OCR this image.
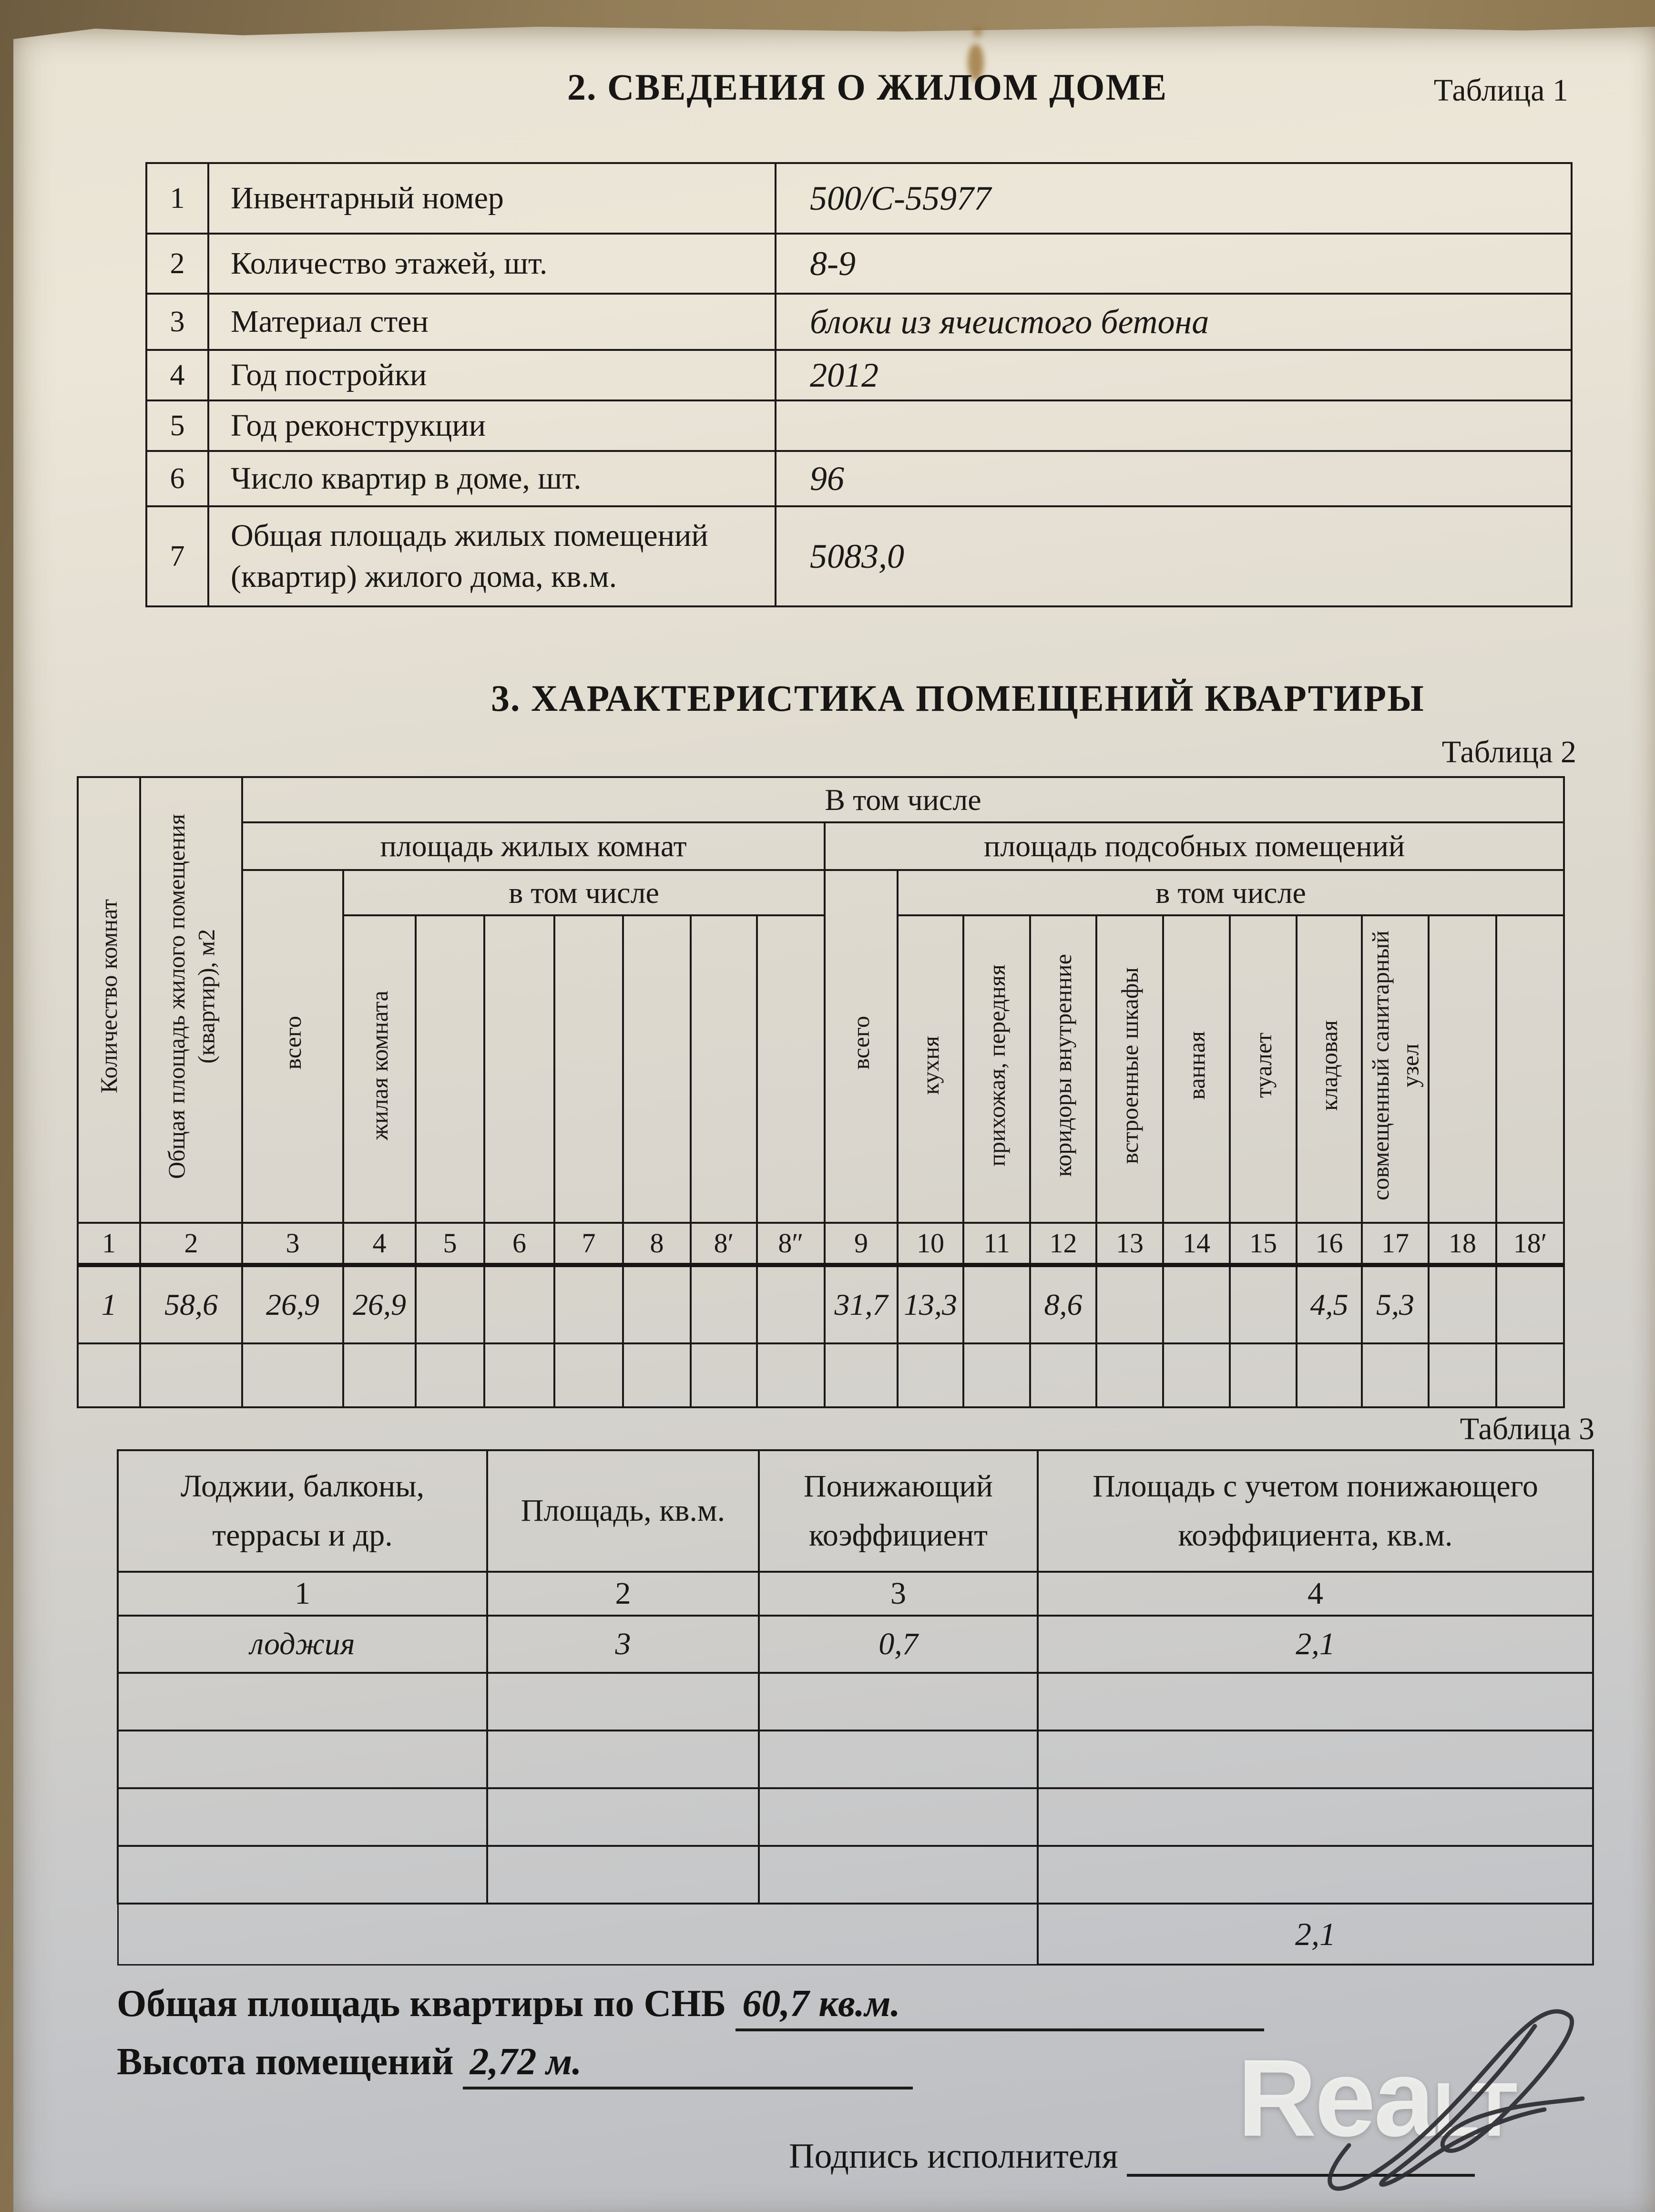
2. СВЕДЕНИЯ О ЖИЛОМ ДОМЕ	Таблица 1
1	Инвентарный номер	500/С-55977
2	Количество этажей, шт.	8-9
3	Материал стен	блоки из ячеистого бетона
4	Год постройки	2012
5	Год реконструкции	
6	Число квартир в доме, шт.	96
7	Общая площадь жилых помещений (квартир) жилого дома, кв.м.	5083,0
3. ХАРАКТЕРИСТИКА ПОМЕЩЕНИЙ КВАРТИРЫ
Таблица 2
Количество комнат	Общая площадь жилого помещения (квартир), м2	В том числе																		
		площадь жилых комнат								площадь подсобных помещений										
		всего	в том числе							всего	в том числе									
			жилая комната								кухня	прихожая, передняя	коридоры внутренние	встроенные шкафы	ванная	туалет	кладовая	совмещенный санитарный узел		
1	2	3	4	5	6	7	8	8′	8″	9	10	11	12	13	14	15	16	17	18	18′
1	58,6	26,9	26,9							31,7	13,3		8,6				4,5	5,3		

Таблица 3
Лоджии, балконы, террасы и др.	Площадь, кв.м.	Понижающий коэффициент	Площадь с учетом понижающего коэффициента, кв.м.
1	2	3	4
лоджия	3	0,7	2,1

			2,1
Общая площадь квартиры по СНБ 60,7 кв.м.
Высота помещений 2,72 м.
Подпись исполнителя	ReaLT
